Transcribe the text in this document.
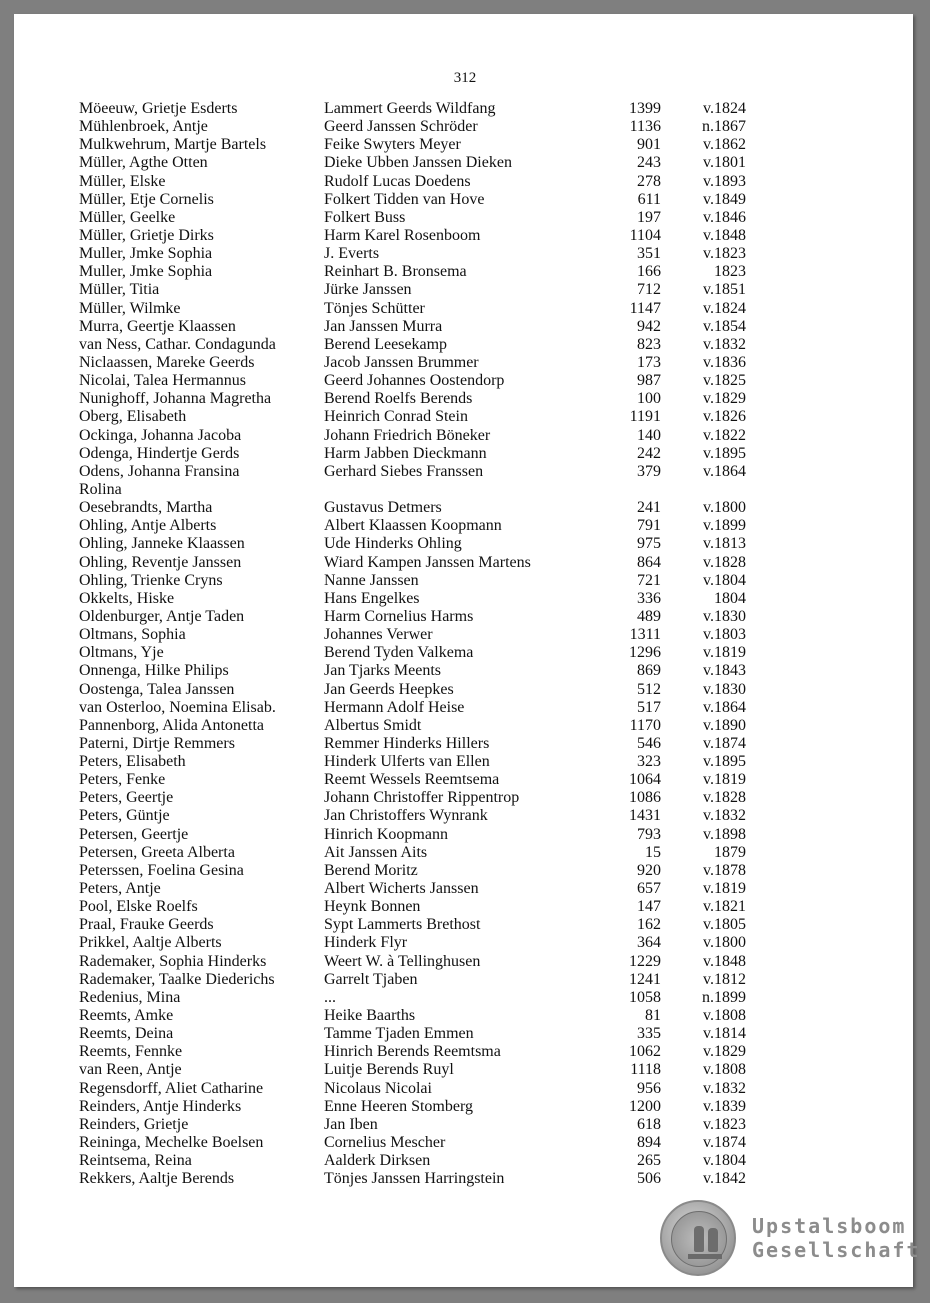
312
Möeeuw, Grietje Esderts	Lammert Geerds Wildfang	1399	v.1824
Mühlenbroek, Antje	Geerd Janssen Schröder	1136	n.1867
Mulkwehrum, Martje Bartels	Feike Swyters Meyer	901	v.1862
Müller, Agthe Otten	Dieke Ubben Janssen Dieken	243	v.1801
Müller, Elske	Rudolf Lucas Doedens	278	v.1893
Müller, Etje Cornelis	Folkert Tidden van Hove	611	v.1849
Müller, Geelke	Folkert Buss	197	v.1846
Müller, Grietje Dirks	Harm Karel Rosenboom	1104	v.1848
Muller, Jmke Sophia	J. Everts	351	v.1823
Muller, Jmke Sophia	Reinhart B. Bronsema	166	1823
Müller, Titia	Jürke Janssen	712	v.1851
Müller, Wilmke	Tönjes Schütter	1147	v.1824
Murra, Geertje Klaassen	Jan Janssen Murra	942	v.1854
van Ness, Cathar. Condagunda	Berend Leesekamp	823	v.1832
Niclaassen, Mareke Geerds	Jacob Janssen Brummer	173	v.1836
Nicolai, Talea Hermannus	Geerd Johannes Oostendorp	987	v.1825
Nunighoff, Johanna Magretha	Berend Roelfs Berends	100	v.1829
Oberg, Elisabeth	Heinrich Conrad Stein	1191	v.1826
Ockinga, Johanna Jacoba	Johann Friedrich Böneker	140	v.1822
Odenga, Hindertje Gerds	Harm Jabben Dieckmann	242	v.1895
Odens, Johanna Fransina	Gerhard Siebes Franssen	379	v.1864
Rolina
Oesebrandts, Martha	Gustavus Detmers	241	v.1800
Ohling, Antje Alberts	Albert Klaassen Koopmann	791	v.1899
Ohling, Janneke Klaassen	Ude Hinderks Ohling	975	v.1813
Ohling, Reventje Janssen	Wiard Kampen Janssen Martens	864	v.1828
Ohling, Trienke Cryns	Nanne Janssen	721	v.1804
Okkelts, Hiske	Hans Engelkes	336	1804
Oldenburger, Antje Taden	Harm Cornelius Harms	489	v.1830
Oltmans, Sophia	Johannes Verwer	1311	v.1803
Oltmans, Yje	Berend Tyden Valkema	1296	v.1819
Onnenga, Hilke Philips	Jan Tjarks Meents	869	v.1843
Oostenga, Talea Janssen	Jan Geerds Heepkes	512	v.1830
van Osterloo, Noemina Elisab.	Hermann Adolf Heise	517	v.1864
Pannenborg, Alida Antonetta	Albertus Smidt	1170	v.1890
Paterni, Dirtje Remmers	Remmer Hinderks Hillers	546	v.1874
Peters, Elisabeth	Hinderk Ulferts van Ellen	323	v.1895
Peters, Fenke	Reemt Wessels Reemtsema	1064	v.1819
Peters, Geertje	Johann Christoffer Rippentrop	1086	v.1828
Peters, Güntje	Jan Christoffers Wynrank	1431	v.1832
Petersen, Geertje	Hinrich Koopmann	793	v.1898
Petersen, Greeta Alberta	Ait Janssen Aits	15	1879
Peterssen, Foelina Gesina	Berend Moritz	920	v.1878
Peters, Antje	Albert Wicherts Janssen	657	v.1819
Pool, Elske Roelfs	Heynk Bonnen	147	v.1821
Praal, Frauke Geerds	Sypt Lammerts Brethost	162	v.1805
Prikkel, Aaltje Alberts	Hinderk Flyr	364	v.1800
Rademaker, Sophia Hinderks	Weert W. à Tellinghusen	1229	v.1848
Rademaker, Taalke Diederichs	Garrelt Tjaben	1241	v.1812
Redenius, Mina	...	1058	n.1899
Reemts, Amke	Heike Baarths	81	v.1808
Reemts, Deina	Tamme Tjaden Emmen	335	v.1814
Reemts, Fennke	Hinrich Berends Reemtsma	1062	v.1829
van Reen, Antje	Luitje Berends Ruyl	1118	v.1808
Regensdorff, Aliet Catharine	Nicolaus Nicolai	956	v.1832
Reinders, Antje Hinderks	Enne Heeren Stomberg	1200	v.1839
Reinders, Grietje	Jan Iben	618	v.1823
Reininga, Mechelke Boelsen	Cornelius Mescher	894	v.1874
Reintsema, Reina	Aalderk Dirksen	265	v.1804
Rekkers, Aaltje Berends	Tönjes Janssen Harringstein	506	v.1842
Upstalsboom
Gesellschaft
